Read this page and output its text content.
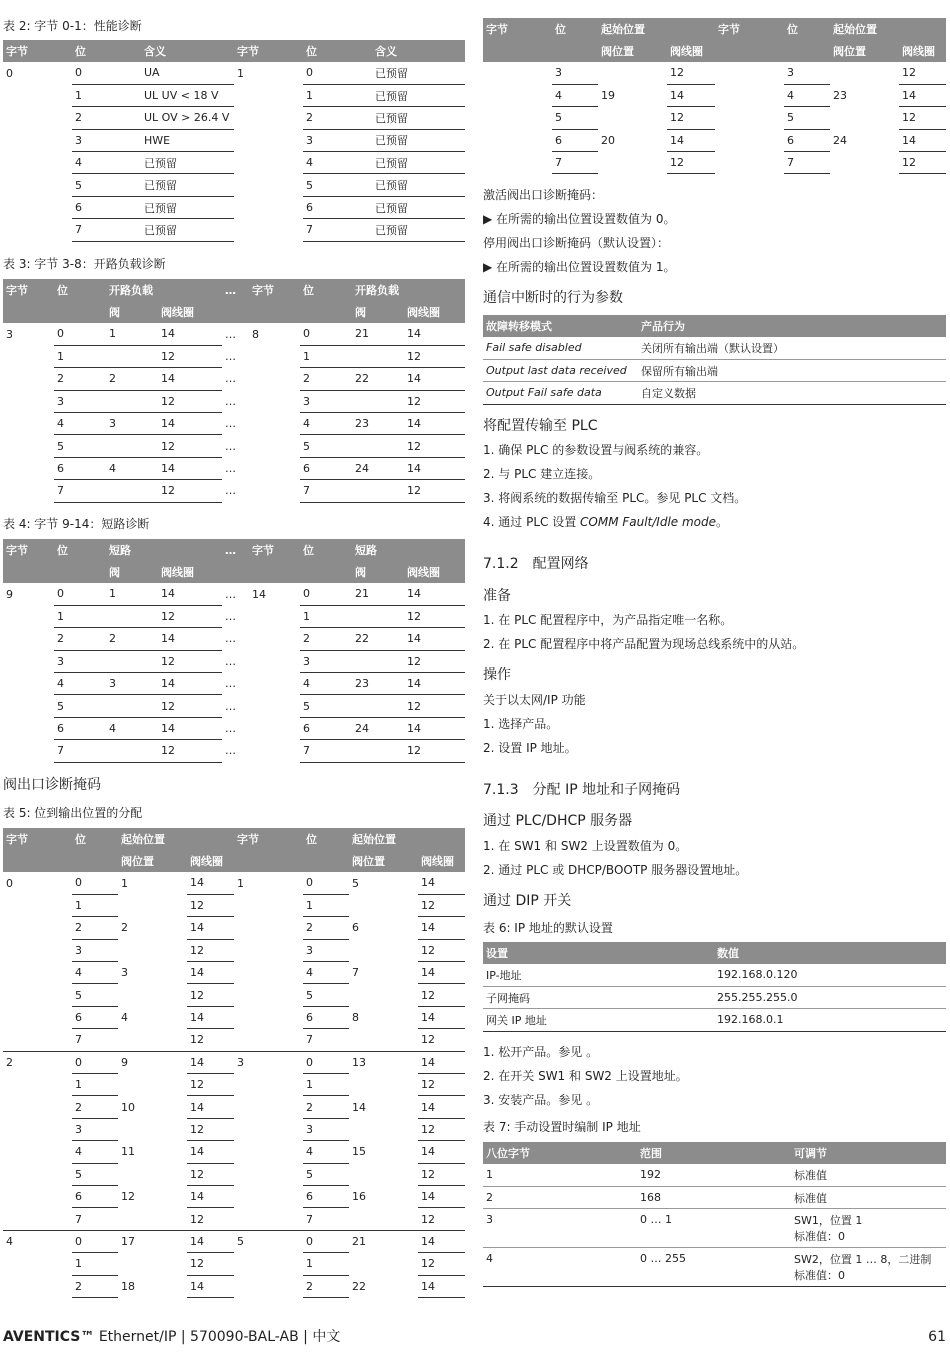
表 2: 字节 0-1：性能诊断
字节	位	含义	字节	位	含义
0	0	UA	1	0	已预留
	1	UL UV < 18 V		1	已预留
	2	UL OV > 26.4 V		2	已预留
	3	HWE		3	已预留
	4	已预留		4	已预留
	5	已预留		5	已预留
	6	已预留		6	已预留
	7	已预留		7	已预留
表 3: 字节 3-8：开路负载诊断
字节	位	开路负载		…	字节	位	开路负载	
		阀	阀线圈				阀	阀线圈
3	0	1	14	…	8	0	21	14
	1		12	…		1		12
	2	2	14	…		2	22	14
	3		12	…		3		12
	4	3	14	…		4	23	14
	5		12	…		5		12
	6	4	14	…		6	24	14
	7		12	…		7		12
表 4: 字节 9-14：短路诊断
字节	位	短路		…	字节	位	短路	
		阀	阀线圈				阀	阀线圈
9	0	1	14	…	14	0	21	14
	1		12	…		1		12
	2	2	14	…		2	22	14
	3		12	…		3		12
	4	3	14	…		4	23	14
	5		12	…		5		12
	6	4	14	…		6	24	14
	7		12	…		7		12
阀出口诊断掩码
表 5: 位到输出位置的分配
字节	位	起始位置		字节	位	起始位置	
		阀位置	阀线圈			阀位置	阀线圈
0	0	1	14	1	0	5	14
	1		12		1		12
	2	2	14		2	6	14
	3		12		3		12
	4	3	14		4	7	14
	5		12		5		12
	6	4	14		6	8	14
	7		12		7		12
2	0	9	14	3	0	13	14
	1		12		1		12
	2	10	14		2	14	14
	3		12		3		12
	4	11	14		4	15	14
	5		12		5		12
	6	12	14		6	16	14
	7		12		7		12
4	0	17	14	5	0	21	14
	1		12		1		12
	2	18	14		2	22	14
字节	位	起始位置		字节	位	起始位置	
		阀位置	阀线圈			阀位置	阀线圈
	3		12		3		12
	4	19	14		4	23	14
	5		12		5		12
	6	20	14		6	24	14
	7		12		7		12
激活阀出口诊断掩码：
▶ 在所需的输出位置设置数值为 0。
停用阀出口诊断掩码（默认设置）：
▶ 在所需的输出位置设置数值为 1。
通信中断时的行为参数
故障转移模式	产品行为
Fail safe disabled	关闭所有输出端（默认设置）
Output last data received	保留所有输出端
Output Fail safe data	自定义数据
将配置传输至 PLC
1. 确保 PLC 的参数设置与阀系统的兼容。
2. 与 PLC 建立连接。
3. 将阀系统的数据传输至 PLC。参见 PLC 文档。
4. 通过 PLC 设置 COMM Fault/Idle mode。
7.1.2　配置网络
准备
1. 在 PLC 配置程序中，为产品指定唯一名称。
2. 在 PLC 配置程序中将产品配置为现场总线系统中的从站。
操作
关于以太网/IP 功能
1. 选择产品。
2. 设置 IP 地址。
7.1.3　分配 IP 地址和子网掩码
通过 PLC/DHCP 服务器
1. 在 SW1 和 SW2 上设置数值为 0。
2. 通过 PLC 或 DHCP/BOOTP 服务器设置地址。
通过 DIP 开关
表 6: IP 地址的默认设置
设置	数值
IP-地址	192.168.0.120
子网掩码	255.255.255.0
网关 IP 地址	192.168.0.1
1. 松开产品。参见 。
2. 在开关 SW1 和 SW2 上设置地址。
3. 安装产品。参见 。
表 7: 手动设置时编制 IP 地址
八位字节	范围	可调节
1	192	标准值

2	168	标准值

3	0 … 1	SW1，位置 1
标准值：0

4	0 … 255	SW2，位置 1 … 8，二进制
标准值：0
AVENTICS™ Ethernet/IP | 570090-BAL-AB | 中文	61
